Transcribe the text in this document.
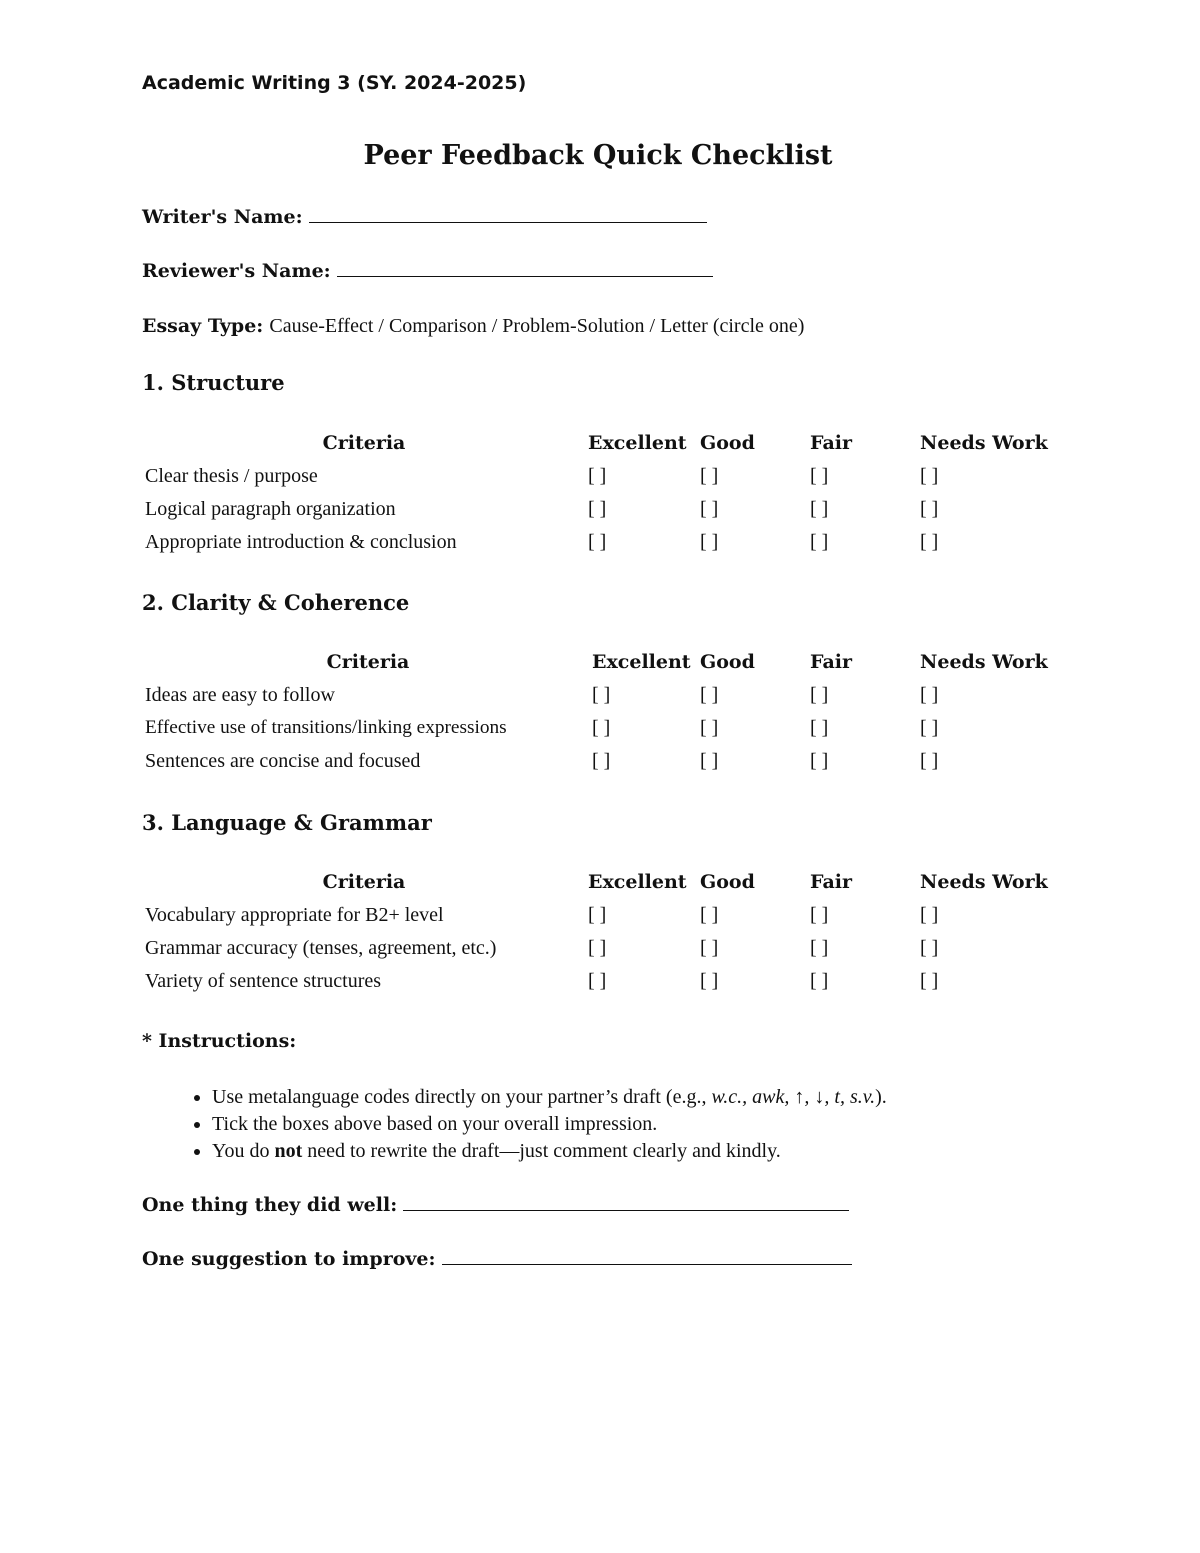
Academic Writing 3 (SY. 2024-2025)
Peer Feedback Quick Checklist
Writer's Name:
Reviewer's Name:
Essay Type: Cause-Effect / Comparison / Problem-Solution / Letter (circle one)
1. Structure
Criteria	Excellent Good	Fair	Needs Work
Clear thesis / purpose	[ ]	[ ]	[ ]	[ ]
Logical paragraph organization	[ ]	[ ]	[ ]	[ ]
Appropriate introduction & conclusion	[ ]	[ ]	[ ]	[ ]
2. Clarity & Coherence
Criteria	Excellent Good	Fair	Needs Work
Ideas are easy to follow	[ ]	[ ]	[ ]	[ ]
Effective use of transitions/linking expressions	[ ]	[ ]	[ ]	[ ]
Sentences are concise and focused	[ ]	[ ]	[ ]	[ ]
3. Language & Grammar
Criteria	Excellent Good	Fair	Needs Work
Vocabulary appropriate for B2+ level	[ ]	[ ]	[ ]	[ ]
Grammar accuracy (tenses, agreement, etc.)	[ ]	[ ]	[ ]	[ ]
Variety of sentence structures	[ ]	[ ]	[ ]	[ ]
* Instructions:
• Use metalanguage codes directly on your partner’s draft (e.g., w.c., awk, ↑, ↓, t, s.v.).
• Tick the boxes above based on your overall impression.
• You do not need to rewrite the draft—just comment clearly and kindly.
One thing they did well:
One suggestion to improve:
